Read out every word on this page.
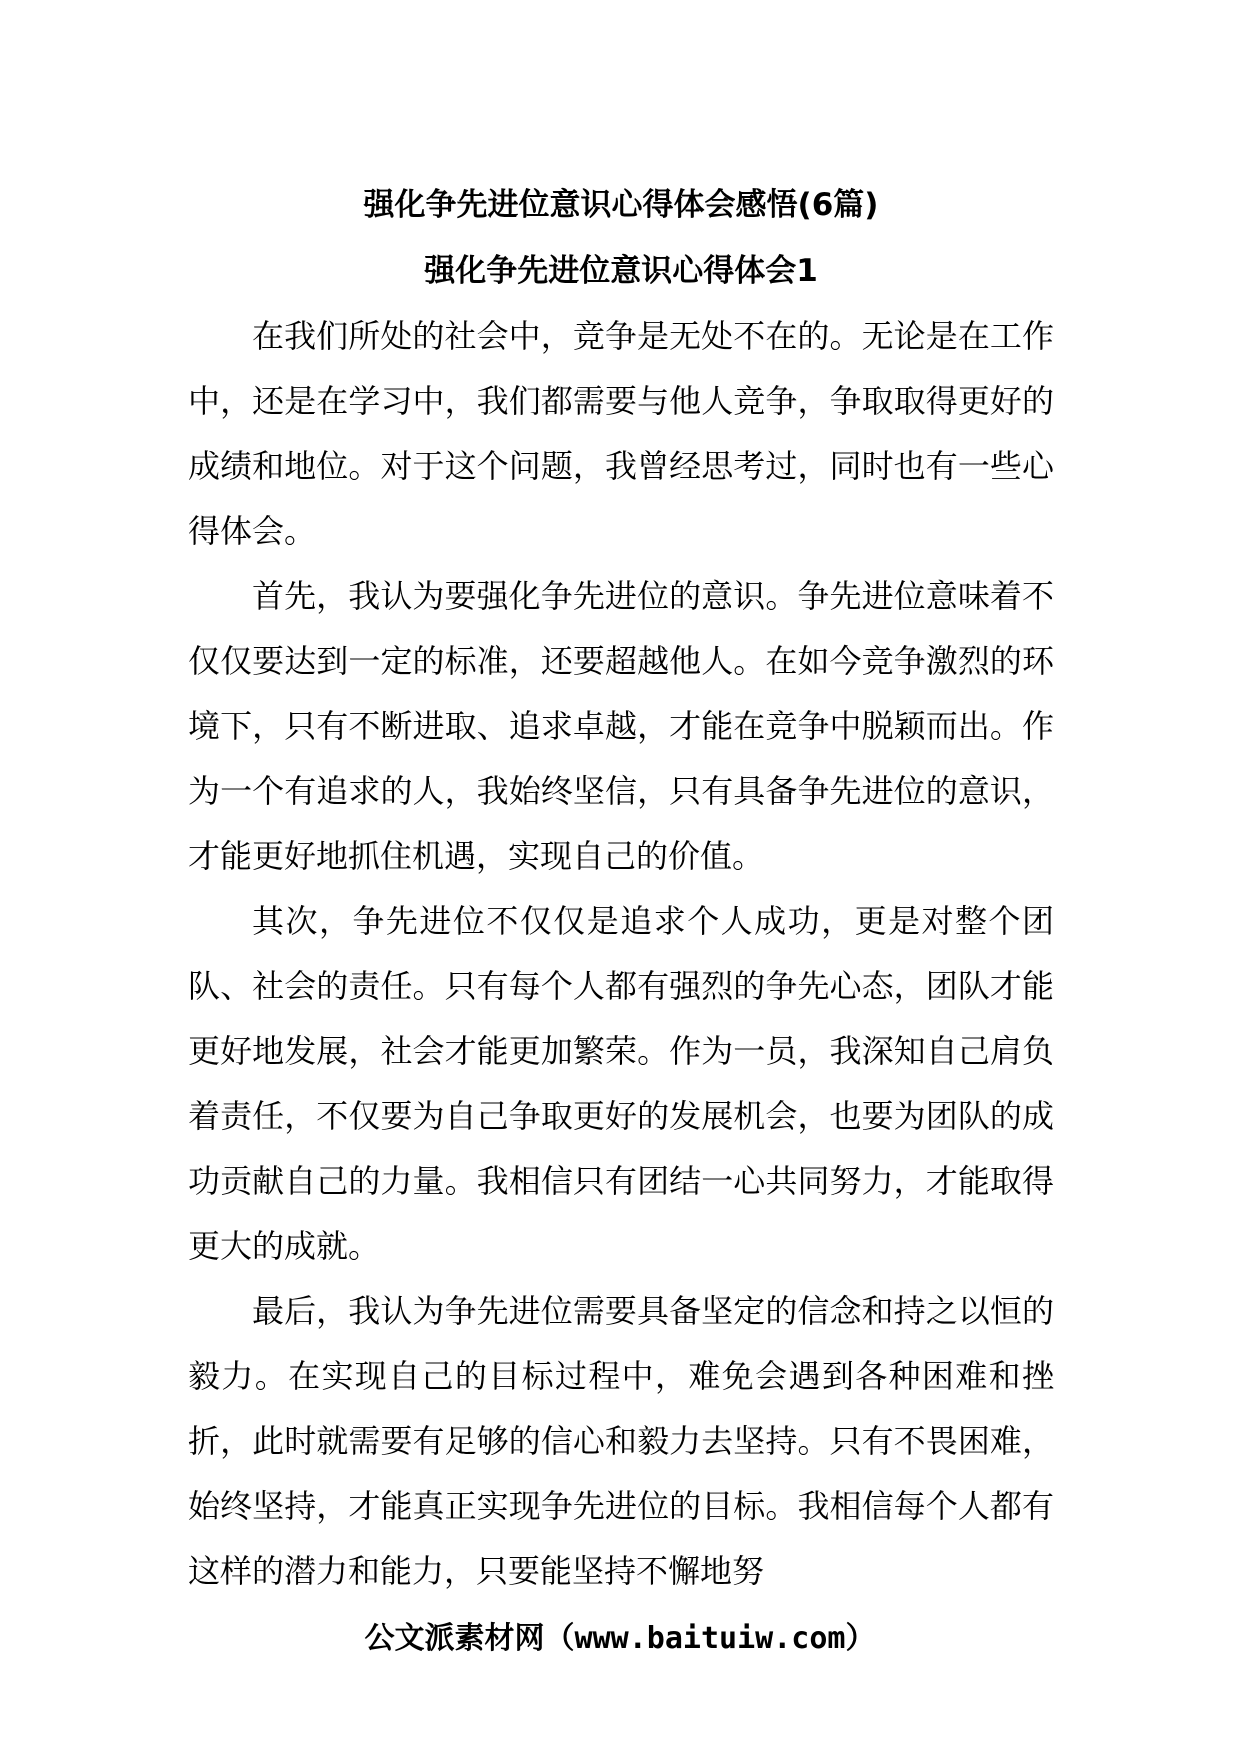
强化争先进位意识心得体会感悟(6篇)
强化争先进位意识心得体会1

在我们所处的社会中，竞争是无处不在的。无论是在工作中，还是在学习中，我们都需要与他人竞争，争取取得更好的成绩和地位。对于这个问题，我曾经思考过，同时也有一些心得体会。

首先，我认为要强化争先进位的意识。争先进位意味着不仅仅要达到一定的标准，还要超越他人。在如今竞争激烈的环境下，只有不断进取、追求卓越，才能在竞争中脱颖而出。作为一个有追求的人，我始终坚信，只有具备争先进位的意识，才能更好地抓住机遇，实现自己的价值。

其次，争先进位不仅仅是追求个人成功，更是对整个团队、社会的责任。只有每个人都有强烈的争先心态，团队才能更好地发展，社会才能更加繁荣。作为一员，我深知自己肩负着责任，不仅要为自己争取更好的发展机会，也要为团队的成功贡献自己的力量。我相信只有团结一心共同努力，才能取得更大的成就。

最后，我认为争先进位需要具备坚定的信念和持之以恒的毅力。在实现自己的目标过程中，难免会遇到各种困难和挫折，此时就需要有足够的信心和毅力去坚持。只有不畏困难，始终坚持，才能真正实现争先进位的目标。我相信每个人都有这样的潜力和能力，只要能坚持不懈地努

公文派素材网（www.baituiw.com）
